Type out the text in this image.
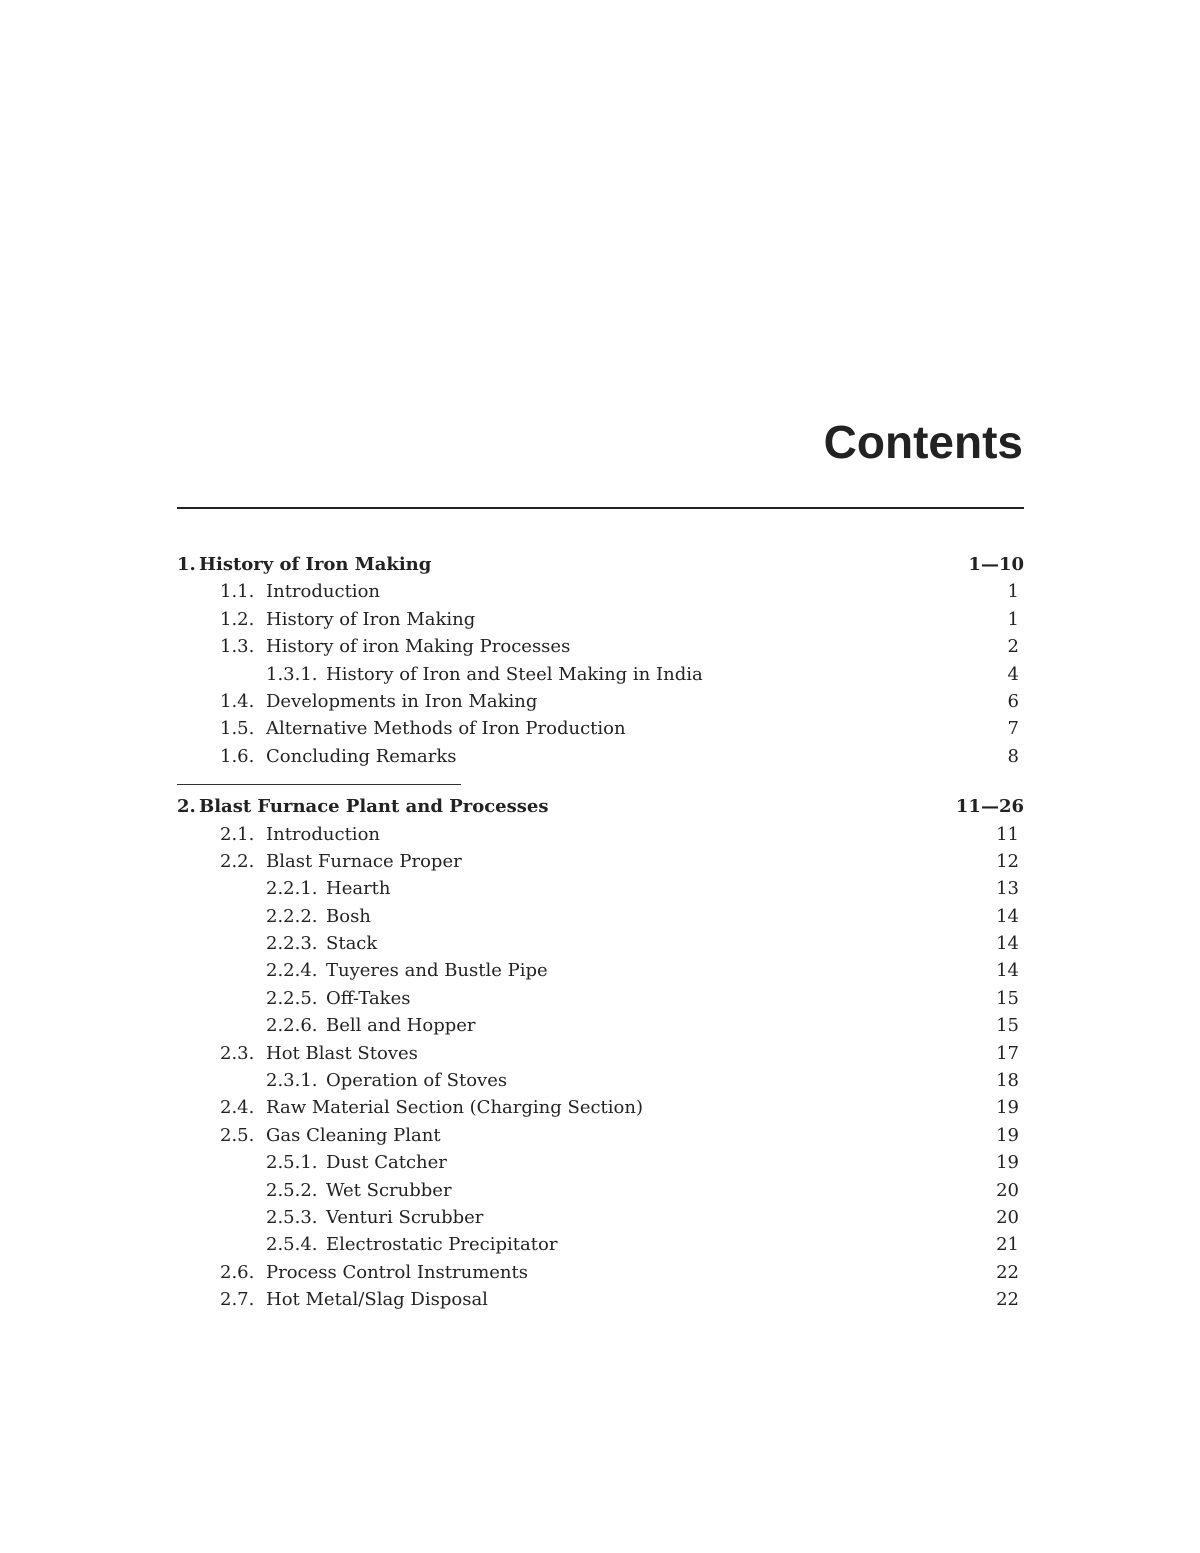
Contents
1. History of Iron Making	1—10
1.1. Introduction	1
1.2. History of Iron Making	1
1.3. History of iron Making Processes	2
1.3.1. History of Iron and Steel Making in India	4
1.4. Developments in Iron Making	6
1.5. Alternative Methods of Iron Production	7
1.6. Concluding Remarks	8
2. Blast Furnace Plant and Processes	11—26
2.1. Introduction	11
2.2. Blast Furnace Proper	12
2.2.1. Hearth	13
2.2.2. Bosh	14
2.2.3. Stack	14
2.2.4. Tuyeres and Bustle Pipe	14
2.2.5. Off-Takes	15
2.2.6. Bell and Hopper	15
2.3. Hot Blast Stoves	17
2.3.1. Operation of Stoves	18
2.4. Raw Material Section (Charging Section)	19
2.5. Gas Cleaning Plant	19
2.5.1. Dust Catcher	19
2.5.2. Wet Scrubber	20
2.5.3. Venturi Scrubber	20
2.5.4. Electrostatic Precipitator	21
2.6. Process Control Instruments	22
2.7. Hot Metal/Slag Disposal	22
